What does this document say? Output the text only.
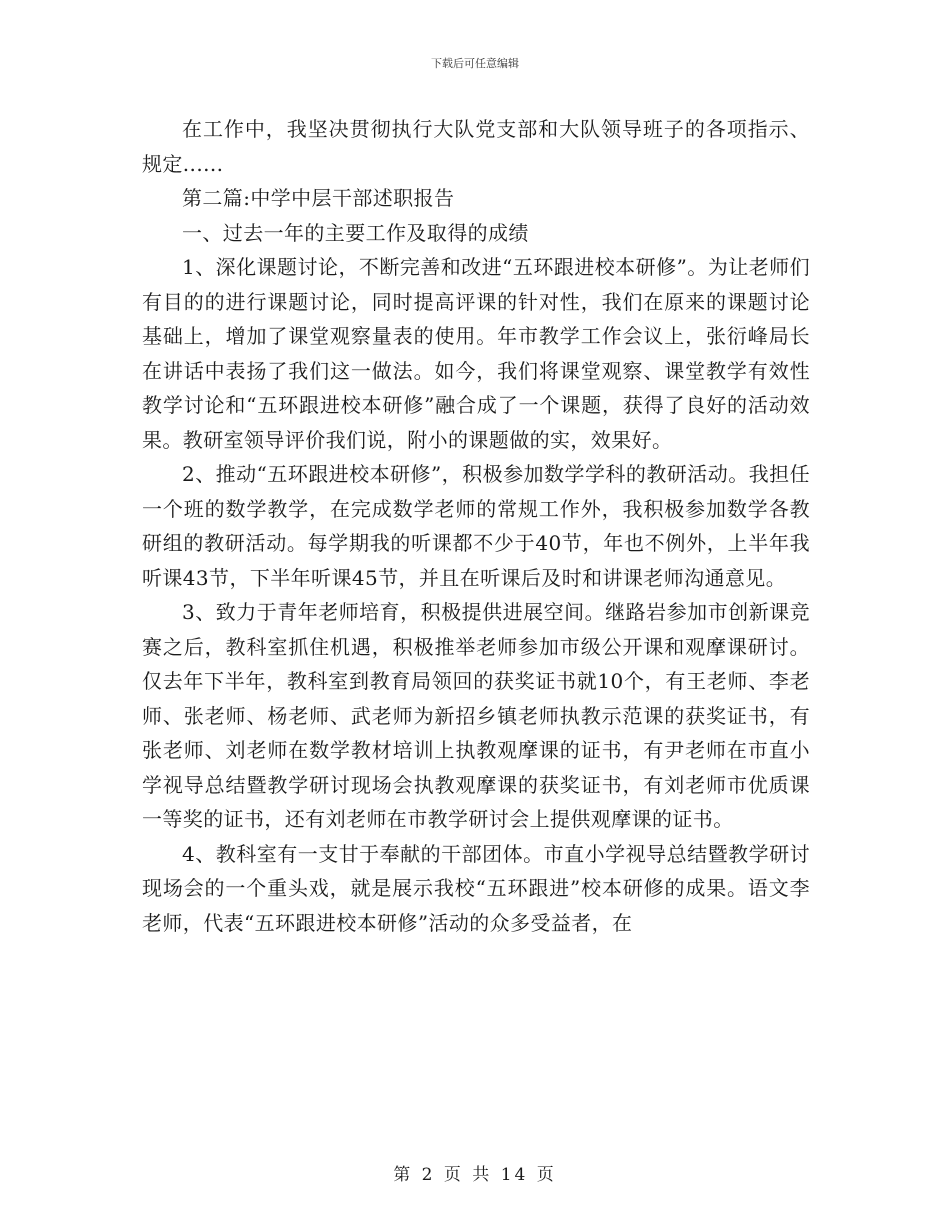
下载后可任意编辑

在工作中，我坚决贯彻执行大队党支部和大队领导班子的各项指示、规定......

第二篇:中学中层干部述职报告

一、过去一年的主要工作及取得的成绩

1、深化课题讨论，不断完善和改进“五环跟进校本研修”。为让老师们有目的的进行课题讨论，同时提高评课的针对性，我们在原来的课题讨论基础上，增加了课堂观察量表的使用。年市教学工作会议上，张衍峰局长在讲话中表扬了我们这一做法。如今，我们将课堂观察、课堂教学有效性教学讨论和“五环跟进校本研修”融合成了一个课题，获得了良好的活动效果。教研室领导评价我们说，附小的课题做的实，效果好。

2、推动“五环跟进校本研修”，积极参加数学学科的教研活动。我担任一个班的数学教学，在完成数学老师的常规工作外，我积极参加数学各教研组的教研活动。每学期我的听课都不少于40节，年也不例外，上半年我听课43节，下半年听课45节，并且在听课后及时和讲课老师沟通意见。

3、致力于青年老师培育，积极提供进展空间。继路岩参加市创新课竞赛之后，教科室抓住机遇，积极推举老师参加市级公开课和观摩课研讨。仅去年下半年，教科室到教育局领回的获奖证书就10个，有王老师、李老师、张老师、杨老师、武老师为新招乡镇老师执教示范课的获奖证书，有张老师、刘老师在数学教材培训上执教观摩课的证书，有尹老师在市直小学视导总结暨教学研讨现场会执教观摩课的获奖证书，有刘老师市优质课一等奖的证书，还有刘老师在市教学研讨会上提供观摩课的证书。

4、教科室有一支甘于奉献的干部团体。市直小学视导总结暨教学研讨现场会的一个重头戏，就是展示我校“五环跟进”校本研修的成果。语文李老师，代表“五环跟进校本研修”活动的众多受益者，在

第 2 页 共 14 页
